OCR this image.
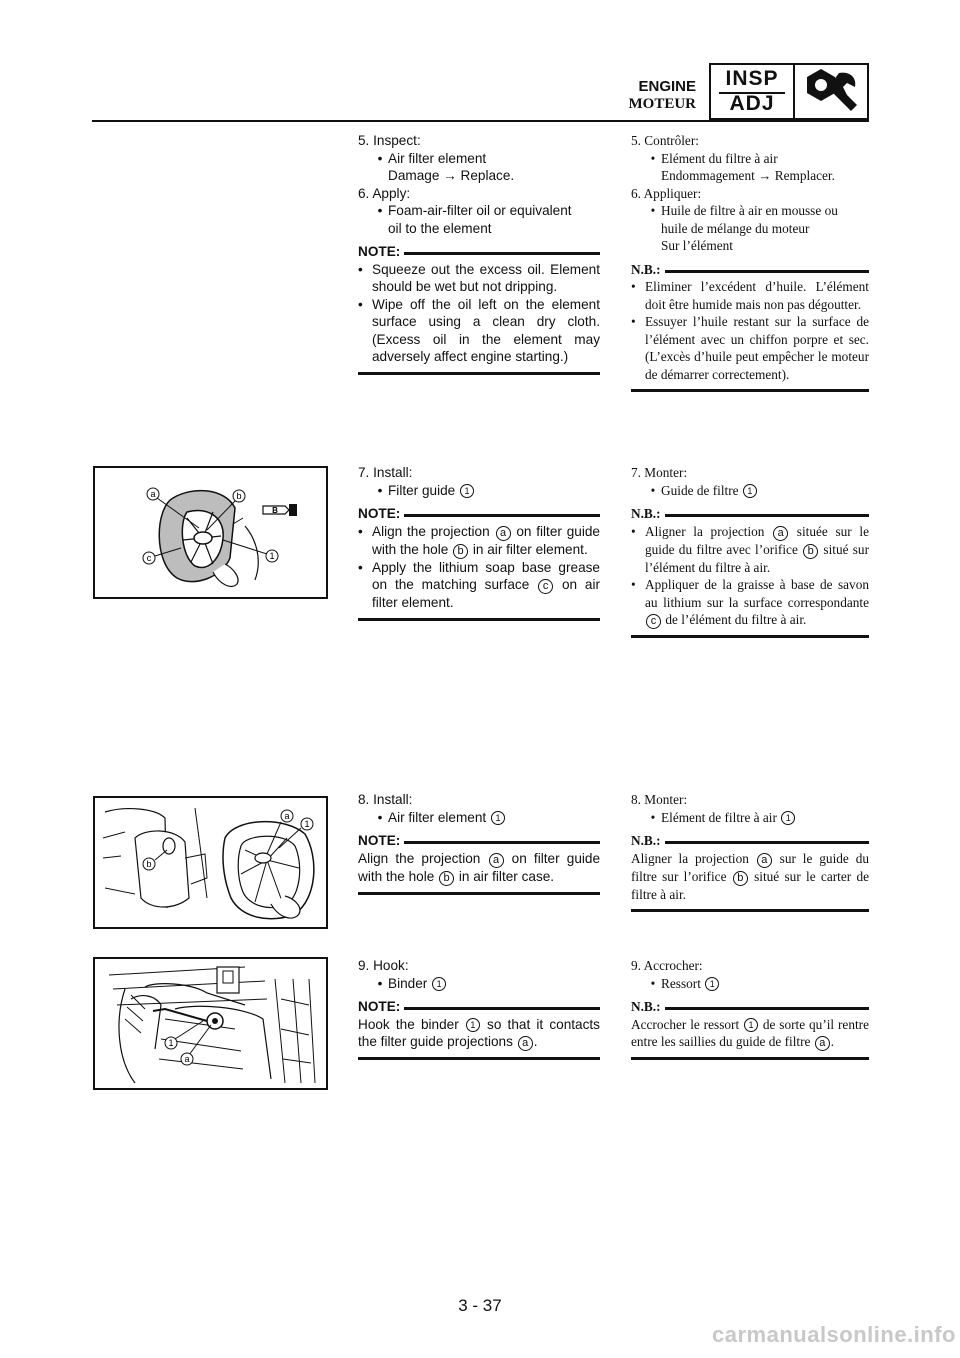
ENGINE
MOTEUR
INSP
ADJ

5. Inspect:

• Air filter element

Damage → Replace.

6. Apply:

• Foam-air-filter oil or equivalent

oil to the element

NOTE:
• Squeeze out the excess oil. Element should be wet but not dripping.
• Wipe off the oil left on the element surface using a clean dry cloth. (Excess oil in the element may adversely affect engine starting.)

5. Contrôler:

• Elément du filtre à air

Endommagement → Remplacer.

6. Appliquer:

• Huile de filtre à air en mousse ou

huile de mélange du moteur

Sur l’élément

N.B.:
• Eliminer l’excédent d’huile. L’élément doit être humide mais non pas dégoutter.
• Essuyer l’huile restant sur la surface de l’élément avec un chiffon porpre et sec. (L’excès d’huile peut empêcher le moteur de démarrer correctement).
B
a	b
c	1

7. Install:

• Filter guide 1
NOTE:
• Align the projection a on filter guide with the hole b in air filter element.
• Apply the lithium soap base grease on the matching surface c on air filter element.

7. Monter:

• Guide de filtre 1
N.B.:
• Aligner la projection a située sur le guide du filtre avec l’orifice b situé sur l’élément du filtre à air.
• Appliquer de la graisse à base de savon au lithium sur la surface correspondante c de l’élément du filtre à air.
a
1
b

8. Install:

• Air filter element 1
NOTE:

Align the projection a on filter guide with the hole b in air filter case.

8. Monter:

• Elément de filtre à air 1
N.B.:

Aligner la projection a sur le guide du filtre sur l’orifice b situé sur le carter de filtre à air.

1
a

9. Hook:

• Binder 1
NOTE:

Hook the binder 1 so that it contacts the filter guide projections a .

9. Accrocher:

• Ressort 1
N.B.:

Accrocher le ressort 1 de sorte qu’il rentre entre les saillies du guide de filtre a .

3 - 37
carmanualsonline.info
